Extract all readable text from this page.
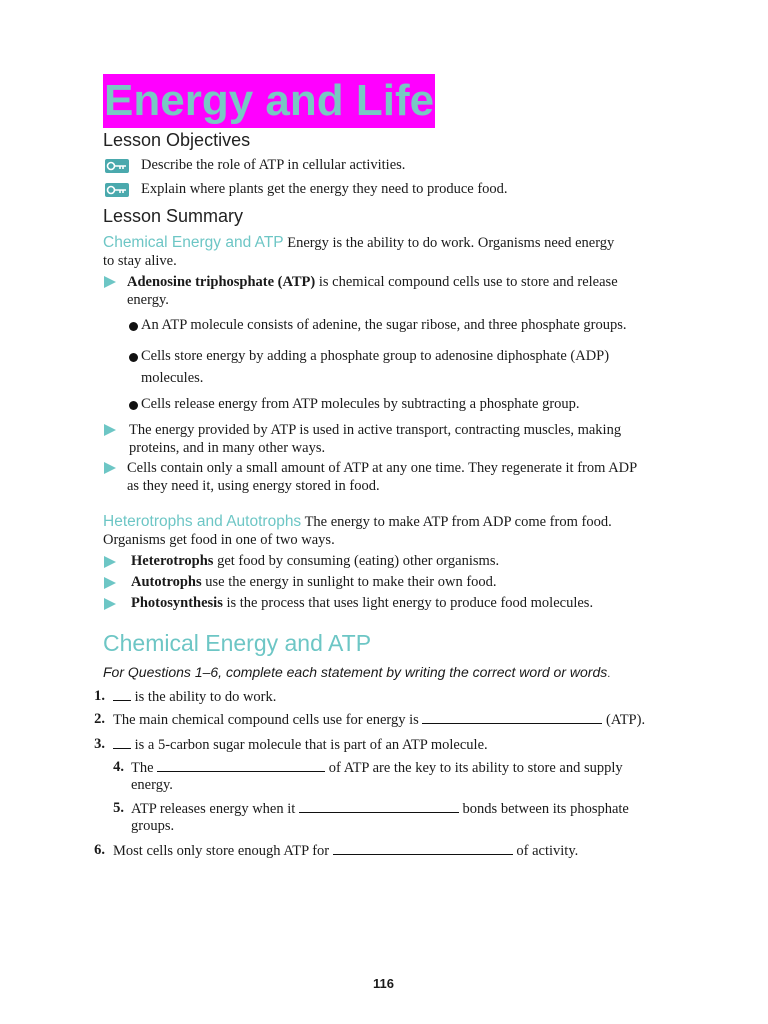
Energy and Life
Lesson Objectives
Describe the role of ATP in cellular activities.
Explain where plants get the energy they need to produce food.
Lesson Summary
Chemical Energy and ATP Energy is the ability to do work. Organisms need energy
to stay alive.
Adenosine triphosphate (ATP) is chemical compound cells use to store and release
energy.
An ATP molecule consists of adenine, the sugar ribose, and three phosphate groups.
Cells store energy by adding a phosphate group to adenosine diphosphate (ADP)
molecules.
Cells release energy from ATP molecules by subtracting a phosphate group.
The energy provided by ATP is used in active transport, contracting muscles, making
proteins, and in many other ways.
Cells contain only a small amount of ATP at any one time. They regenerate it from ADP
as they need it, using energy stored in food.
Heterotrophs and Autotrophs The energy to make ATP from ADP come from food.
Organisms get food in one of two ways.
Heterotrophs get food by consuming (eating) other organisms.
Autotrophs use the energy in sunlight to make their own food.
Photosynthesis is the process that uses light energy to produce food molecules.
Chemical Energy and ATP
For Questions 1–6, complete each statement by writing the correct word or words.
1.	is the ability to do work.
2. The main chemical compound cells use for energy is	(ATP).
3.	is a 5-carbon sugar molecule that is part of an ATP molecule.
4. The	of ATP are the key to its ability to store and supply
energy.
5. ATP releases energy when it	bonds between its phosphate
groups.
6. Most cells only store enough ATP for	of activity.
116
